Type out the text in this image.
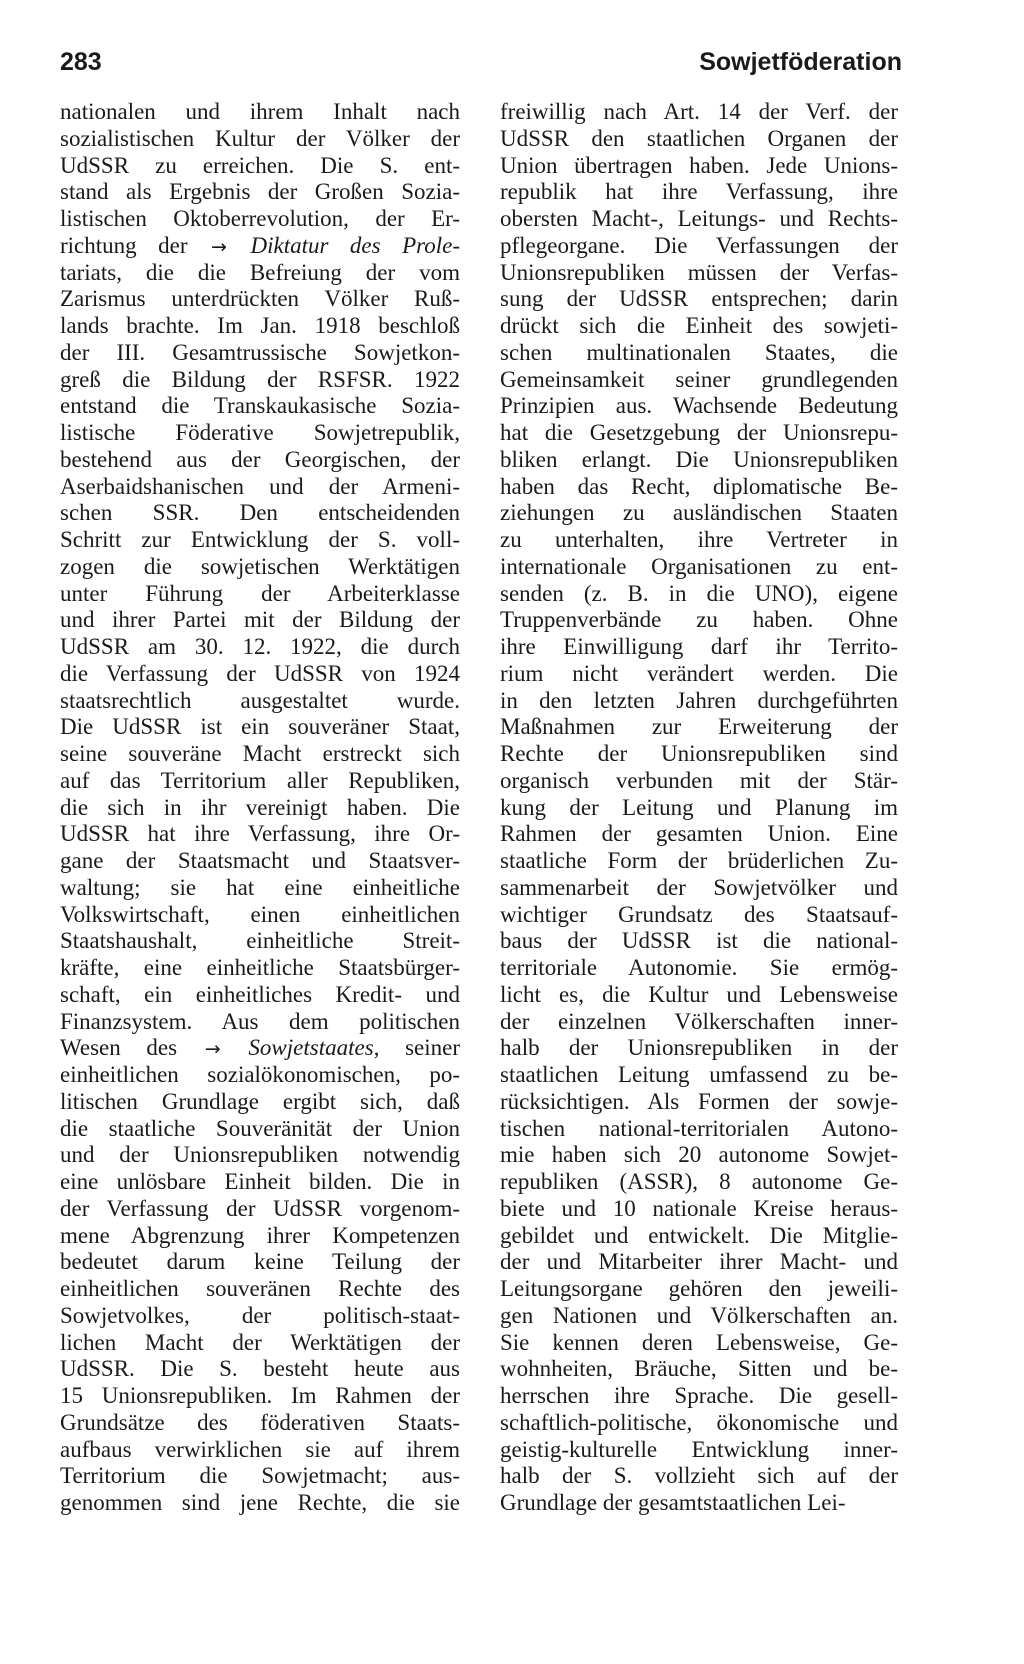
283	Sowjetföderation
nationalen und ihrem Inhalt nach
sozialistischen Kultur der Völker der
UdSSR zu erreichen. Die S. ent-
stand als Ergebnis der Großen Sozia-
listischen Oktoberrevolution, der Er-
richtung der → Diktatur des Prole-
tariats, die die Befreiung der vom
Zarismus unterdrückten Völker Ruß-
lands brachte. Im Jan. 1918 beschloß
der III. Gesamtrussische Sowjetkon-
greß die Bildung der RSFSR. 1922
entstand die Transkaukasische Sozia-
listische Föderative Sowjetrepublik,
bestehend aus der Georgischen, der
Aserbaidshanischen und der Armeni-
schen SSR. Den entscheidenden
Schritt zur Entwicklung der S. voll-
zogen die sowjetischen Werktätigen
unter Führung der Arbeiterklasse
und ihrer Partei mit der Bildung der
UdSSR am 30. 12. 1922, die durch
die Verfassung der UdSSR von 1924
staatsrechtlich ausgestaltet wurde.
Die UdSSR ist ein souveräner Staat,
seine souveräne Macht erstreckt sich
auf das Territorium aller Republiken,
die sich in ihr vereinigt haben. Die
UdSSR hat ihre Verfassung, ihre Or-
gane der Staatsmacht und Staatsver-
waltung; sie hat eine einheitliche
Volkswirtschaft, einen einheitlichen
Staatshaushalt, einheitliche Streit-
kräfte, eine einheitliche Staatsbürger-
schaft, ein einheitliches Kredit- und
Finanzsystem. Aus dem politischen
Wesen des → Sowjetstaates, seiner
einheitlichen sozialökonomischen, po-
litischen Grundlage ergibt sich, daß
die staatliche Souveränität der Union
und der Unionsrepubliken notwendig
eine unlösbare Einheit bilden. Die in
der Verfassung der UdSSR vorgenom-
mene Abgrenzung ihrer Kompetenzen
bedeutet darum keine Teilung der
einheitlichen souveränen Rechte des
Sowjetvolkes, der politisch-staat-
lichen Macht der Werktätigen der
UdSSR. Die S. besteht heute aus
15 Unionsrepubliken. Im Rahmen der
Grundsätze des föderativen Staats-
aufbaus verwirklichen sie auf ihrem
Territorium die Sowjetmacht; aus-
genommen sind jene Rechte, die sie
freiwillig nach Art. 14 der Verf. der
UdSSR den staatlichen Organen der
Union übertragen haben. Jede Unions-
republik hat ihre Verfassung, ihre
obersten Macht-, Leitungs- und Rechts-
pflegeorgane. Die Verfassungen der
Unionsrepubliken müssen der Verfas-
sung der UdSSR entsprechen; darin
drückt sich die Einheit des sowjeti-
schen multinationalen Staates, die
Gemeinsamkeit seiner grundlegenden
Prinzipien aus. Wachsende Bedeutung
hat die Gesetzgebung der Unionsrepu-
bliken erlangt. Die Unionsrepubliken
haben das Recht, diplomatische Be-
ziehungen zu ausländischen Staaten
zu unterhalten, ihre Vertreter in
internationale Organisationen zu ent-
senden (z. B. in die UNO), eigene
Truppenverbände zu haben. Ohne
ihre Einwilligung darf ihr Territo-
rium nicht verändert werden. Die
in den letzten Jahren durchgeführten
Maßnahmen zur Erweiterung der
Rechte der Unionsrepubliken sind
organisch verbunden mit der Stär-
kung der Leitung und Planung im
Rahmen der gesamten Union. Eine
staatliche Form der brüderlichen Zu-
sammenarbeit der Sowjetvölker und
wichtiger Grundsatz des Staatsauf-
baus der UdSSR ist die national-
territoriale Autonomie. Sie ermög-
licht es, die Kultur und Lebensweise
der einzelnen Völkerschaften inner-
halb der Unionsrepubliken in der
staatlichen Leitung umfassend zu be-
rücksichtigen. Als Formen der sowje-
tischen national-territorialen Autono-
mie haben sich 20 autonome Sowjet-
republiken (ASSR), 8 autonome Ge-
biete und 10 nationale Kreise heraus-
gebildet und entwickelt. Die Mitglie-
der und Mitarbeiter ihrer Macht- und
Leitungsorgane gehören den jeweili-
gen Nationen und Völkerschaften an.
Sie kennen deren Lebensweise, Ge-
wohnheiten, Bräuche, Sitten und be-
herrschen ihre Sprache. Die gesell-
schaftlich-politische, ökonomische und
geistig-kulturelle Entwicklung inner-
halb der S. vollzieht sich auf der
Grundlage der gesamtstaatlichen Lei-
